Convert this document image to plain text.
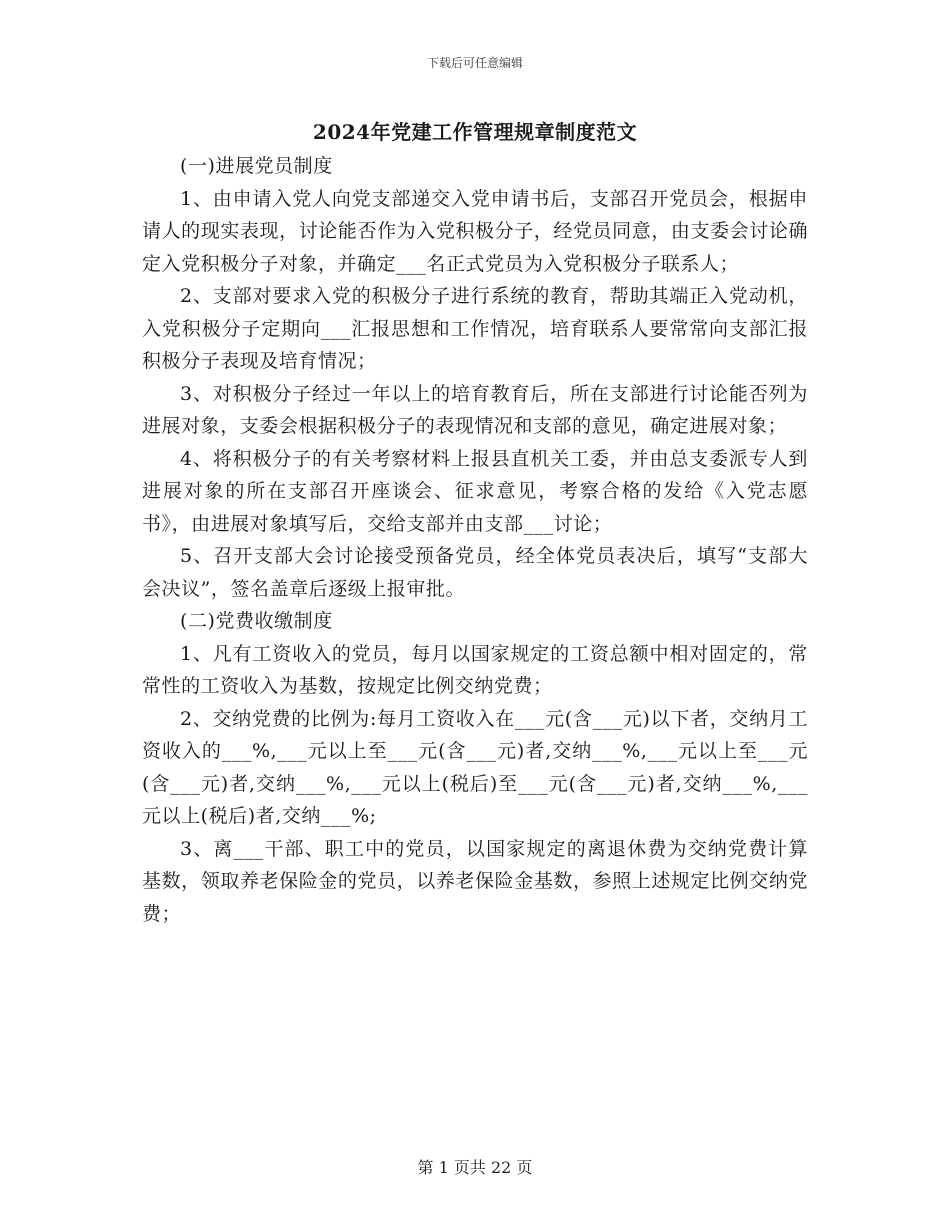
下载后可任意编辑
2024年党建工作管理规章制度范文

(一)进展党员制度

1、由申请入党人向党支部递交入党申请书后，支部召开党员会，根据申请人的现实表现，讨论能否作为入党积极分子，经党员同意，由支委会讨论确定入党积极分子对象，并确定___名正式党员为入党积极分子联系人；

2、支部对要求入党的积极分子进行系统的教育，帮助其端正入党动机，入党积极分子定期向___汇报思想和工作情况，培育联系人要常常向支部汇报积极分子表现及培育情况；

3、对积极分子经过一年以上的培育教育后，所在支部进行讨论能否列为进展对象，支委会根据积极分子的表现情况和支部的意见，确定进展对象；

4、将积极分子的有关考察材料上报县直机关工委，并由总支委派专人到进展对象的所在支部召开座谈会、征求意见，考察合格的发给《入党志愿书》，由进展对象填写后，交给支部并由支部___讨论；

5、召开支部大会讨论接受预备党员，经全体党员表决后，填写“支部大会决议”，签名盖章后逐级上报审批。

(二)党费收缴制度

1、凡有工资收入的党员，每月以国家规定的工资总额中相对固定的，常常性的工资收入为基数，按规定比例交纳党费；

2、交纳党费的比例为:每月工资收入在___元(含___元)以下者，交纳月工资收入的___%,___元以上至___元(含___元)者,交纳___%,___元以上至___元(含___元)者,交纳___%,___元以上(税后)至___元(含___元)者,交纳___%,___元以上(税后)者,交纳___%;

3、离___干部、职工中的党员，以国家规定的离退休费为交纳党费计算基数，领取养老保险金的党员，以养老保险金基数，参照上述规定比例交纳党费；

第 1 页共 22 页
